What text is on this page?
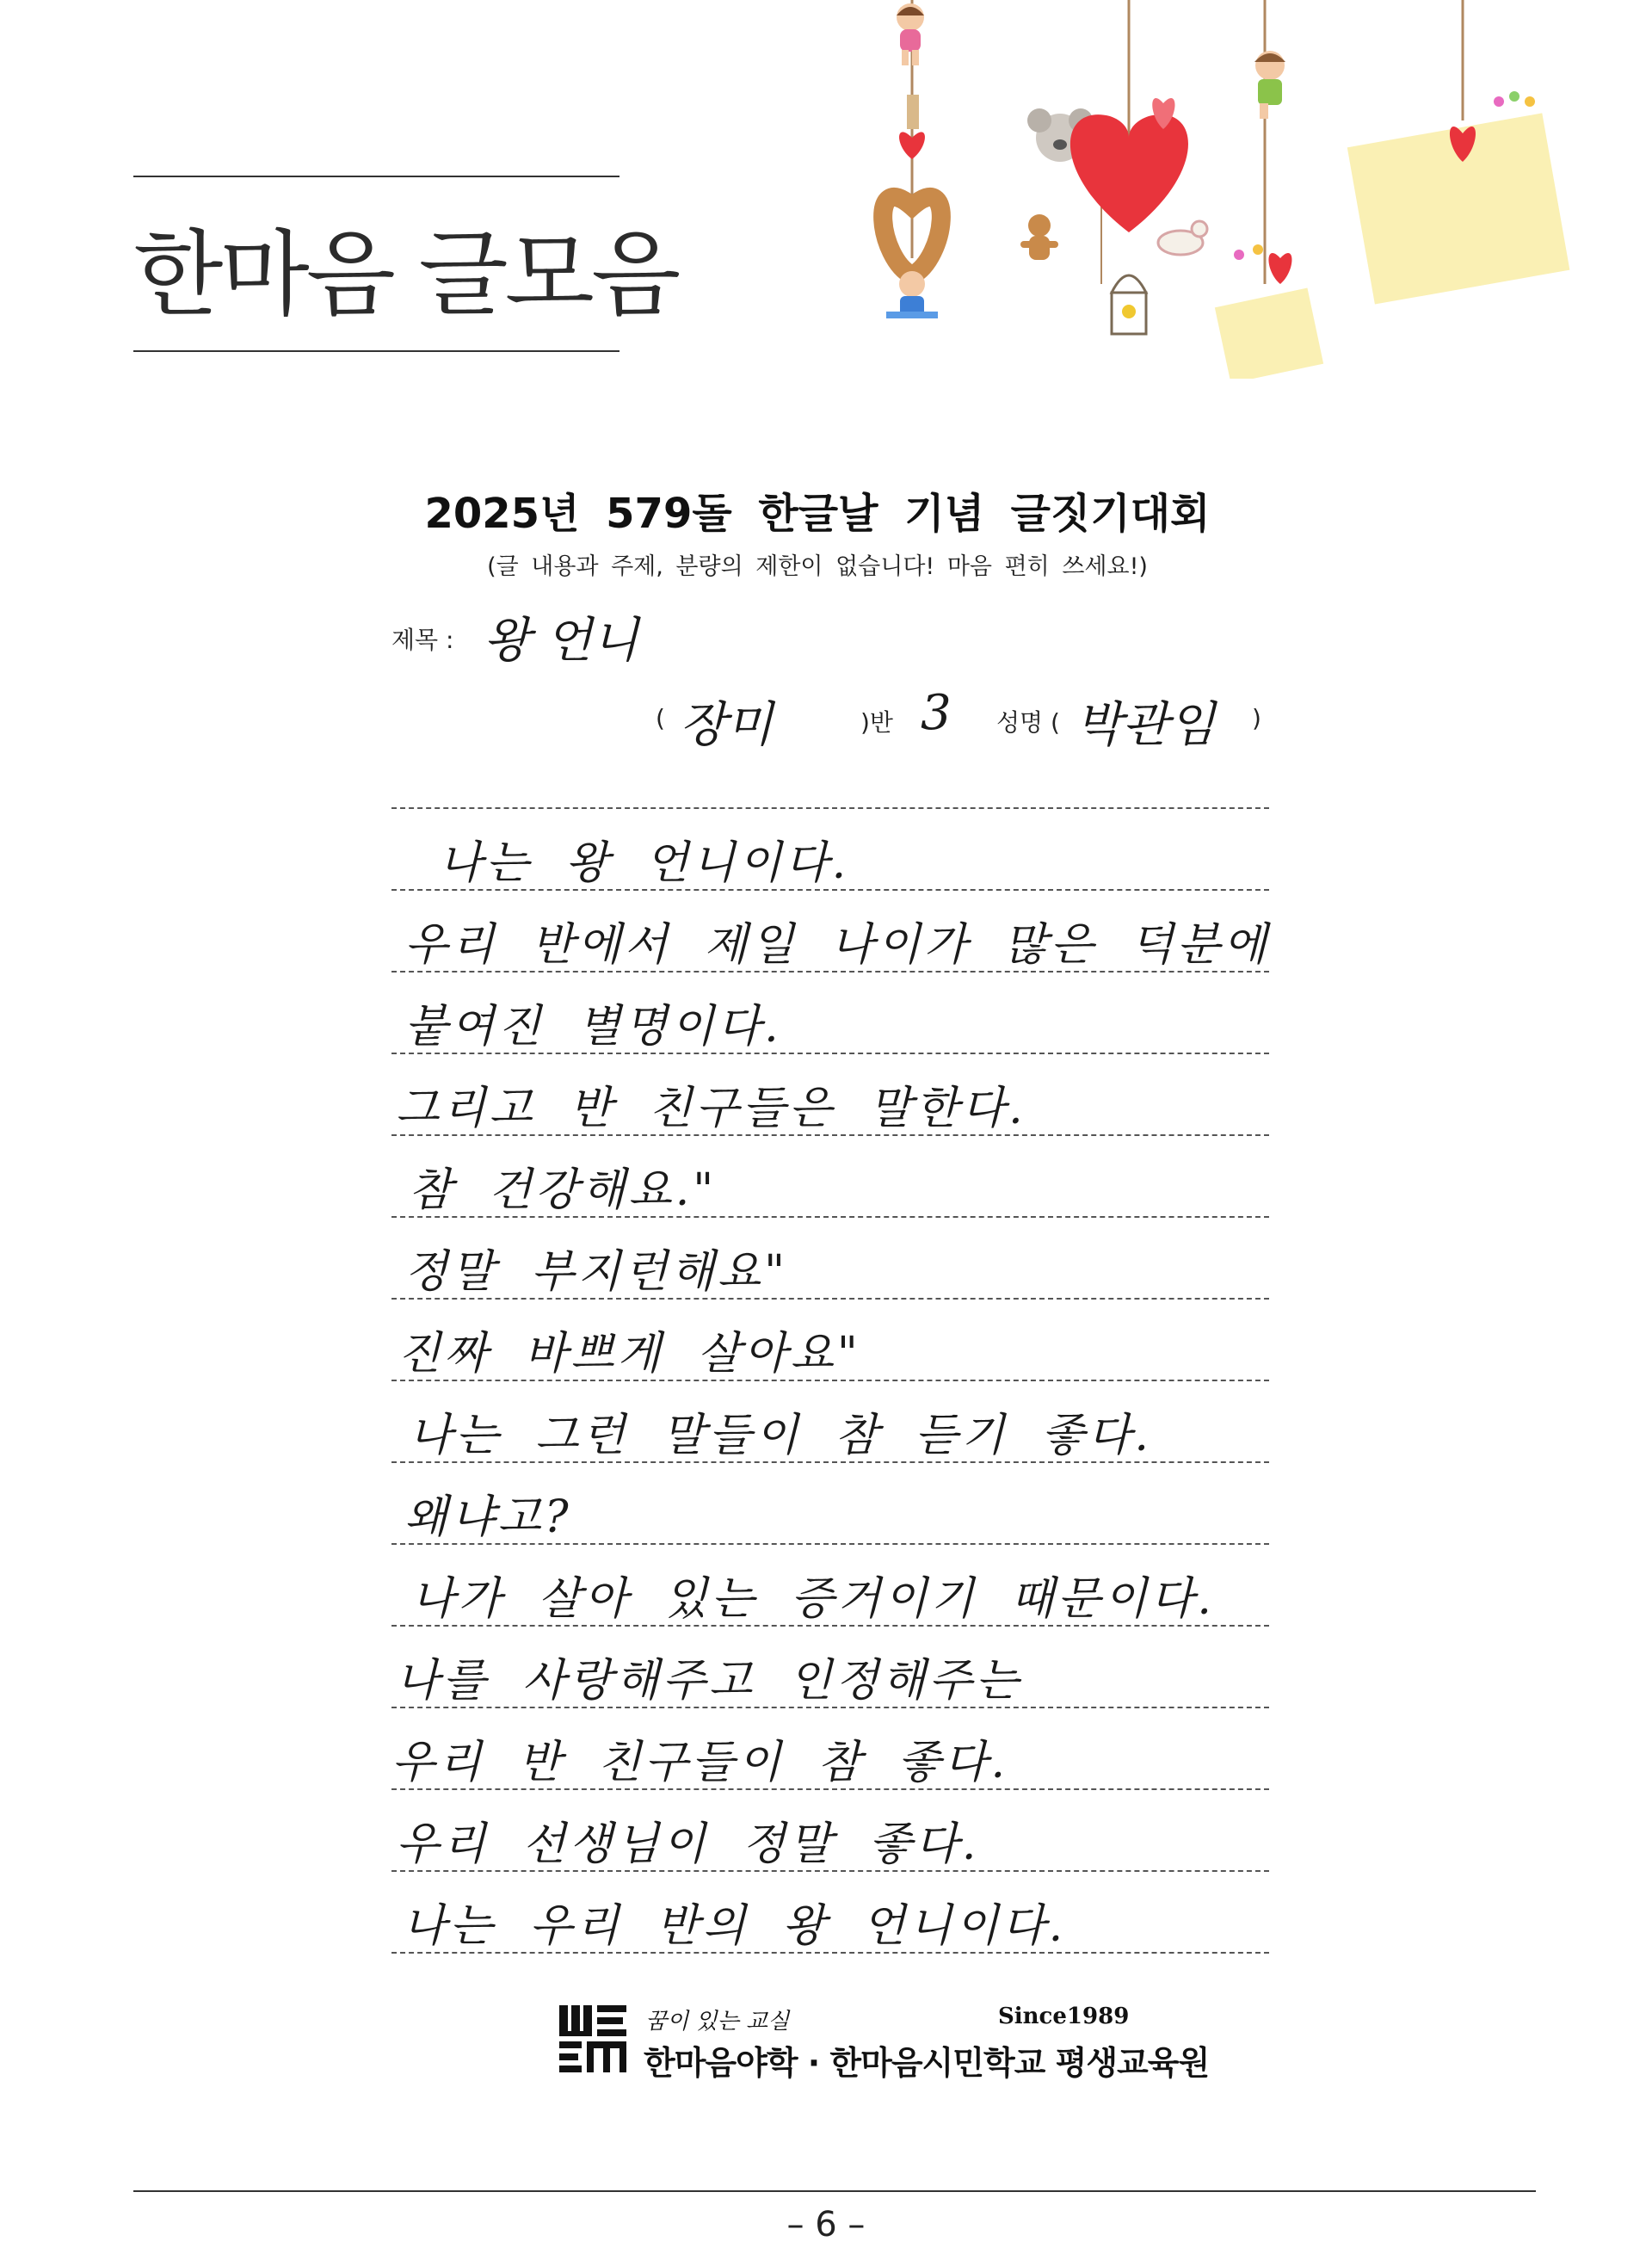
한마음 글모음
2025년 579돌 한글날 기념 글짓기대회
(글 내용과 주제, 분량의 제한이 없습니다! 마음 편히 쓰세요!)
제목 : 왕 언니
( 장미	)반 3 성명 ( 박관임 )
나는 왕 언니이다.
우리 반에서 제일 나이가 많은 덕분에
붙여진 별명이다.
그리고 반 친구들은 말한다.
참 건강해요."
정말 부지런해요"
진짜 바쁘게 살아요"
나는 그런 말들이 참 듣기 좋다.
왜냐고?
나가 살아 있는 증거이기 때문이다.
나를 사랑해주고 인정해주는
우리 반 친구들이 참 좋다.
우리 선생님이 정말 좋다.
나는 우리 반의 왕 언니이다.
꿈이 있는 교실	Since1989
한마음야학 · 한마음시민학교 평생교육원
– 6 –
